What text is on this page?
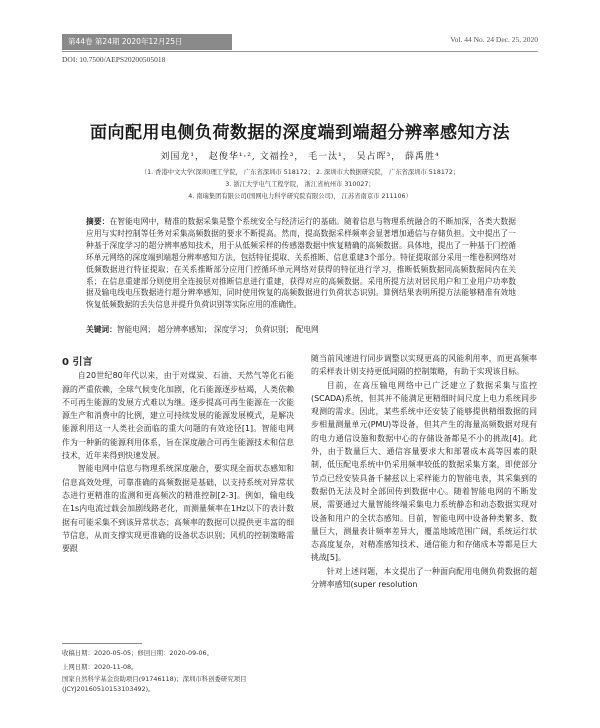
第44卷 第24期 2020年12月25日	Vol. 44 No. 24 Dec. 25, 2020
DOI: 10.7500/AEPS20200505018
面向配用电侧负荷数据的深度端到端超分辨率感知方法
刘国龙¹， 赵俊华¹·², 文福拴³， 毛一汰¹， 吴占晖³， 薛禹胜⁴
（1. 香港中文大学(深圳)理工学院， 广东省深圳市 518172； 2. 深圳市大数据研究院， 广东省深圳市 518172；
3. 浙江大学电气工程学院， 浙江省杭州市 310027；
4. 南瑞集团有限公司(国网电力科学研究院有限公司)， 江苏省南京市 211106）
摘要：在智能电网中，精准的数据采集是整个系统安全与经济运行的基础。随着信息与物理系统融合的不断加深，各类大数据应用与实时控制等任务对采集高频数据的要求不断提高。然而，提高数据采样频率会显著增加通信与存储负担。文中提出了一种基于深度学习的超分辨率感知技术，用于从低频采样的传感器数据中恢复精确的高频数据。具体地，提出了一种基于门控循环单元网络的深度端到端超分辨率感知方法，包括特征提取、关系推断、信息重建3个部分。特征提取部分采用一维卷积网络对低频数据进行特征提取；在关系推断部分应用门控循环单元网络对获得的特征进行学习，推断低频数据同高频数据间内在关系；在信息重建部分则使用全连接层对推断信息进行重建，获得对应的高频数据。采用所提方法对居民用户和工业用户功率数据及输电线电压数据进行超分辨率感知，同时使用恢复的高频数据进行负荷状态识别。算例结果表明所提方法能够精准有效地恢复低频数据的丢失信息并提升负荷识别等实际应用的准确性。
关键词：智能电网； 超分辨率感知； 深度学习； 负荷识别； 配电网

0 引言

自20世纪80年代以来，由于对煤炭、石油、天然气等化石能源的严重依赖，全球气候变化加剧，化石能源逐步枯竭，人类依赖不可再生能源的发展方式难以为继。逐步提高可再生能源在一次能源生产和消费中的比例，建立可持续发展的能源发展模式，是解决能源利用这一人类社会面临的重大问题的有效途径[1]。智能电网作为一种新的能源利用体系，旨在深度融合可再生能源技术和信息技术，近年来得到快速发展。

智能电网中信息与物理系统深度融合，要实现全面状态感知和信息高效处理，可靠准确的高频数据是基础，以支持系统对异常状态进行更精准的监测和更高频次的精准控制[2-3]。例如，输电线在1s内电流过载会加剧线路老化，而测量频率在1Hz以下的表计数据有可能采集不到该异常状态；高频率的数据可以提供更丰富的细节信息，从而支撑实现更准确的设备状态识别；风机的控制策略需要跟

随当前风速进行同步调整以实现更高的风能利用率，而更高频率的采样表计则支持更低间隔的控制策略，有助于实现该目标。

目前，在高压输电网络中已广泛建立了数据采集与监控(SCADA)系统，但其并不能满足更精细时间尺度上电力系统同步观测的需求。因此，某些系统中还安装了能够提供精细数据的同步相量测量单元(PMU)等设备，但其产生的海量高频数据对现有的电力通信设施和数据中心的存储设备都是不小的挑战[4]。此外，由于数量巨大、通信容量要求大和部署成本高等因素的限制，低压配电系统中仍采用频率较低的数据采集方案，即使部分节点已经安装具备千赫兹以上采样能力的智能电表，其采集到的数据仍无法及时全部回传到数据中心。随着智能电网的不断发展，需要通过大量智能终端采集电力系统静态和动态数据实现对设备和用户的全状态感知。目前，智能电网中设备种类繁多、数量巨大，测量表计频率差异大，覆盖地域范围广阔，系统运行状态高度复杂，对精准感知技术、通信能力和存储成本等都是巨大挑战[5]。

针对上述问题，本文提出了一种面向配用电侧负荷数据的超分辨率感知(super resolution

收稿日期：2020-05-05；修回日期：2020-09-06。
上网日期：2020-11-08。
国家自然科学基金资助项目(91746118)；深圳市科创委研究项目(JCYJ20160510153103492)。
